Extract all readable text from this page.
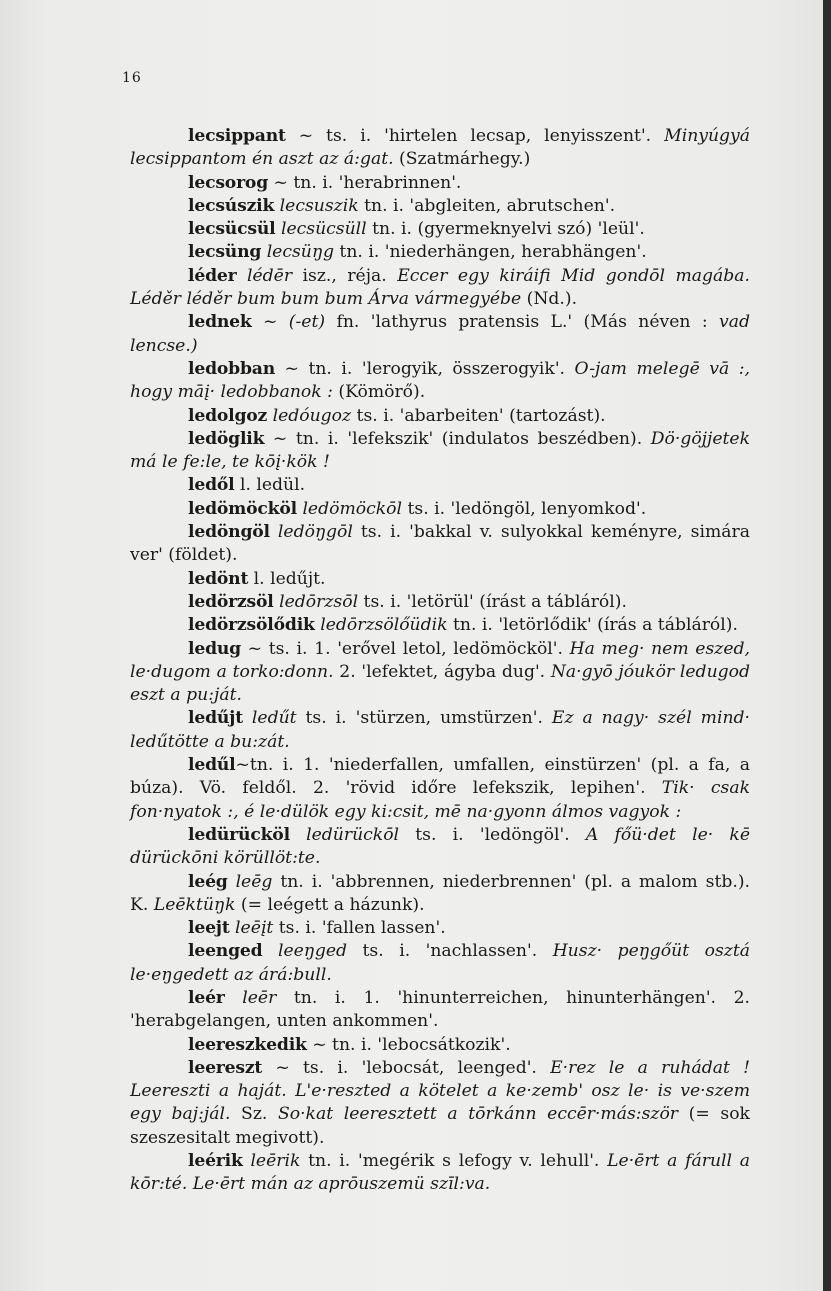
16

lecsippant ~ ts. i. 'hirtelen lecsap, lenyisszent'. Minyúgyá lecsippantom én aszt az á:gat. (Szatmárhegy.)

lecsorog ~ tn. i. 'herabrinnen'.

lecsúszik lecsuszik tn. i. 'abgleiten, abrutschen'.

lecsücsül lecsücsüll tn. i. (gyermeknyelvi szó) 'leül'.

lecsüng lecsüŋg tn. i. 'niederhängen, herabhängen'.

léder lédēr isz., réja. Eccer egy kiráifi Mid gondōl magába. Léděr léděr bum bum bum Árva vármegyébe (Nd.).

lednek ~ (-et) fn. 'lathyrus pratensis L.' (Más néven : vad lencse.)

ledobban ~ tn. i. 'lerogyik, összerogyik'. O-jam melegē vā :, hogy māį· ledobbanok : (Kömörő).

ledolgoz ledóugoz ts. i. 'abarbeiten' (tartozást).

ledöglik ~ tn. i. 'lefekszik' (indulatos beszédben). Dö·göjjetek má le fe:le, te kōį·kök !

ledől l. ledül.

ledömöcköl ledömöckōl ts. i. 'ledöngöl, lenyomkod'.

ledöngöl ledöŋgōl ts. i. 'bakkal v. sulyokkal keményre, simára ver' (földet).

ledönt l. ledűjt.

ledörzsöl ledōrzsōl ts. i. 'letörül' (írást a tábláról).

ledörzsölődik ledōrzsölőüdik tn. i. 'letörlődik' (írás a tábláról).

ledug ~ ts. i. 1. 'erővel letol, ledömöcköl'. Ha meg· nem eszed, le·dugom a torko:donn. 2. 'lefektet, ágyba dug'. Na·gyō jóukör ledugod eszt a pu:ját.

ledűjt ledűt ts. i. 'stürzen, umstürzen'. Ez a nagy· szél mind· ledűtötte a bu:zát.

ledűl~tn. i. 1. 'niederfallen, umfallen, einstürzen' (pl. a fa, a búza). Vö. feldől. 2. 'rövid időre lefekszik, lepihen'. Tik· csak fon·nyatok :, é le·dülök egy ki:csit, mē na·gyonn álmos vagyok :

ledürücköl ledürückōl ts. i. 'ledöngöl'. A főü·det le· kē dürückōni körüllöt:te.

leég leēg tn. i. 'abbrennen, niederbrennen' (pl. a malom stb.). K. Leēktüŋk (= leégett a házunk).

leejt leēįt ts. i. 'fallen lassen'.

leenged leeŋged ts. i. 'nachlassen'. Husz· peŋgőüt osztá le·eŋgedett az árá:bull.

leér leēr tn. i. 1. 'hinunterreichen, hinunterhängen'. 2. 'herabgelangen, unten ankommen'.

leereszkedik ~ tn. i. 'lebocsátkozik'.

leereszt ~ ts. i. 'lebocsát, leenged'. E·rez le a ruhádat ! Leereszti a haját. L'e·reszted a kötelet a ke·zemb' osz le· is ve·szem egy baj:jál. Sz. So·kat leeresztett a tōrkánn eccēr·más:ször (= sok szeszesitalt megivott).

leérik leērik tn. i. 'megérik s lefogy v. lehull'. Le·ērt a fárull a kōr:té. Le·ērt mán az aprōuszemü szīl:va.
